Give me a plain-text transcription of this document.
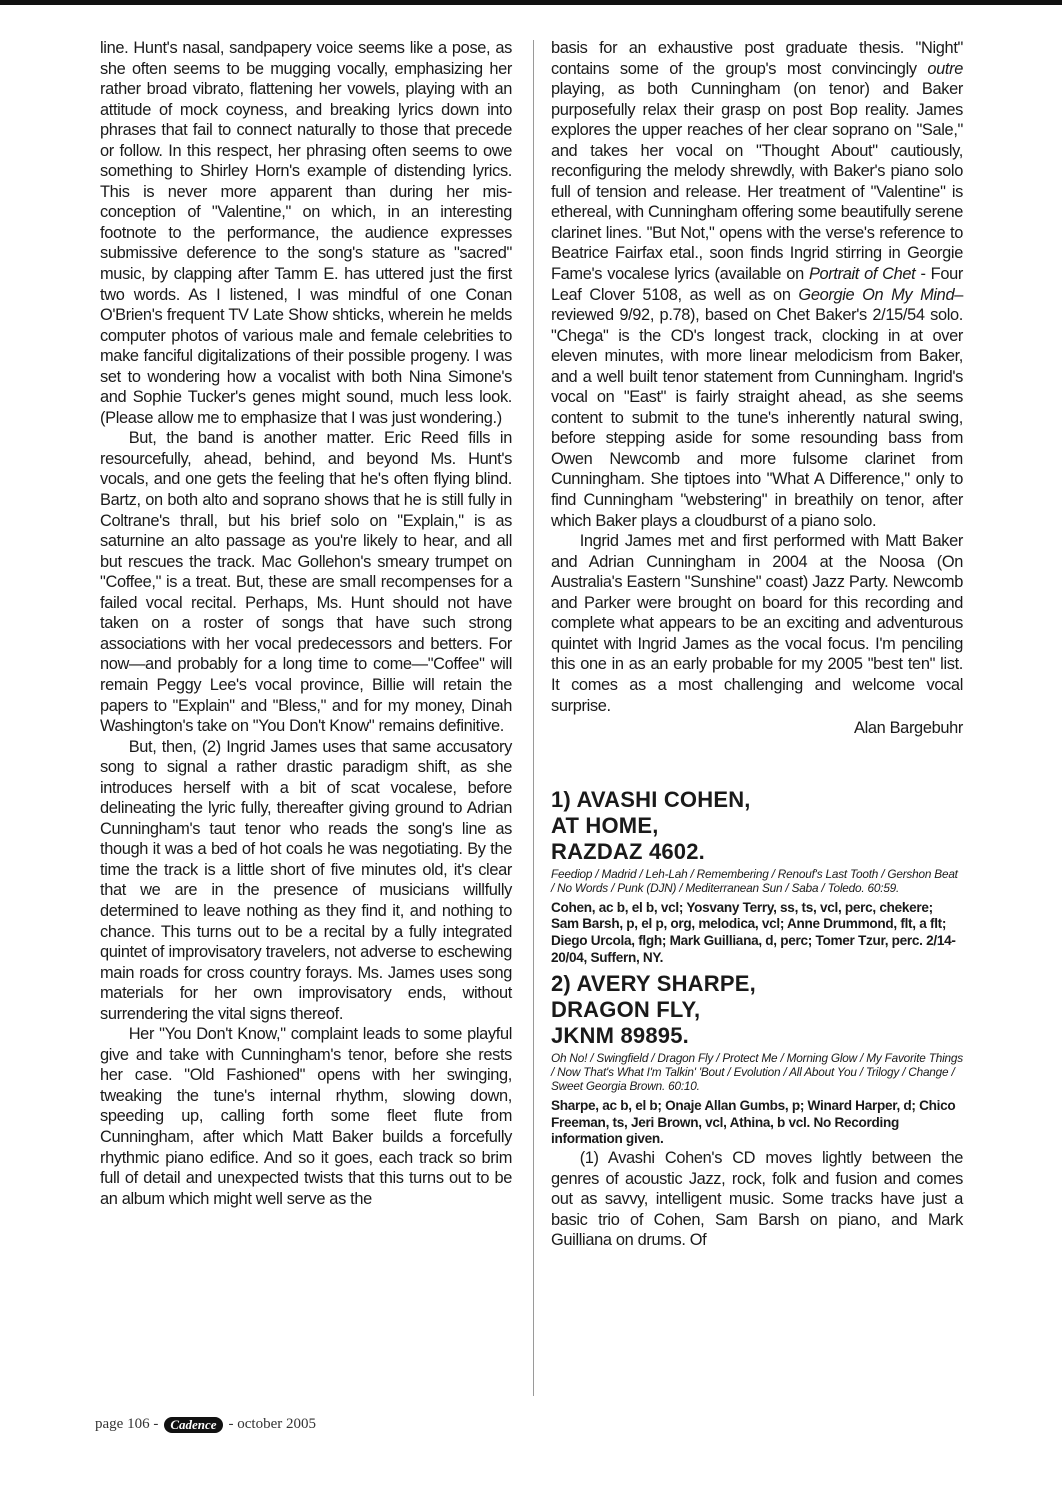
line. Hunt's nasal, sandpapery voice seems like a pose, as she often seems to be mugging vocally, emphasizing her rather broad vibrato, flattening her vowels, playing with an attitude of mock coyness, and breaking lyrics down into phrases that fail to connect naturally to those that precede or follow. In this respect, her phrasing often seems to owe something to Shirley Horn's example of distending lyrics. This is never more apparent than during her mis-conception of "Valentine," on which, in an interesting footnote to the performance, the audience expresses submissive deference to the song's stature as "sacred" music, by clapping after Tamm E. has uttered just the first two words. As I listened, I was mindful of one Conan O'Brien's frequent TV Late Show shticks, wherein he melds computer photos of various male and female celebrities to make fanciful digitalizations of their possible progeny. I was set to wondering how a vocalist with both Nina Simone's and Sophie Tucker's genes might sound, much less look. (Please allow me to emphasize that I was just wondering.)

But, the band is another matter. Eric Reed fills in resourcefully, ahead, behind, and beyond Ms. Hunt's vocals, and one gets the feeling that he's often flying blind. Bartz, on both alto and soprano shows that he is still fully in Coltrane's thrall, but his brief solo on "Explain," is as saturnine an alto passage as you're likely to hear, and all but rescues the track. Mac Gollehon's smeary trumpet on "Coffee," is a treat. But, these are small recompenses for a failed vocal recital. Perhaps, Ms. Hunt should not have taken on a roster of songs that have such strong associations with her vocal predecessors and betters. For now—and probably for a long time to come—"Coffee" will remain Peggy Lee's vocal province, Billie will retain the papers to "Explain" and "Bless," and for my money, Dinah Washington's take on "You Don't Know" remains definitive.

But, then, (2) Ingrid James uses that same accusatory song to signal a rather drastic paradigm shift, as she introduces herself with a bit of scat vocalese, before delineating the lyric fully, thereafter giving ground to Adrian Cunningham's taut tenor who reads the song's line as though it was a bed of hot coals he was negotiating. By the time the track is a little short of five minutes old, it's clear that we are in the presence of musicians willfully determined to leave nothing as they find it, and nothing to chance. This turns out to be a recital by a fully integrated quintet of improvisatory travelers, not adverse to eschewing main roads for cross country forays. Ms. James uses song materials for her own improvisatory ends, without surrendering the vital signs thereof.

Her "You Don't Know," complaint leads to some playful give and take with Cunningham's tenor, before she rests her case. "Old Fashioned" opens with her swinging, tweaking the tune's internal rhythm, slowing down, speeding up, calling forth some fleet flute from Cunningham, after which Matt Baker builds a forcefully rhythmic piano edifice. And so it goes, each track so brim full of detail and unexpected twists that this turns out to be an album which might well serve as the

basis for an exhaustive post graduate thesis. "Night" contains some of the group's most convincingly outre playing, as both Cunningham (on tenor) and Baker purposefully relax their grasp on post Bop reality. James explores the upper reaches of her clear soprano on "Sale," and takes her vocal on "Thought About" cautiously, reconfiguring the melody shrewdly, with Baker's piano solo full of tension and release. Her treatment of "Valentine" is ethereal, with Cunningham offering some beautifully serene clarinet lines. "But Not," opens with the verse's reference to Beatrice Fairfax etal., soon finds Ingrid stirring in Georgie Fame's vocalese lyrics (available on Portrait of Chet - Four Leaf Clover 5108, as well as on Georgie On My Mind–reviewed 9/92, p.78), based on Chet Baker's 2/15/54 solo. "Chega" is the CD's longest track, clocking in at over eleven minutes, with more linear melodicism from Baker, and a well built tenor statement from Cunningham. Ingrid's vocal on "East" is fairly straight ahead, as she seems content to submit to the tune's inherently natural swing, before stepping aside for some resounding bass from Owen Newcomb and more fulsome clarinet from Cunningham. She tiptoes into "What A Difference," only to find Cunningham "webstering" in breathily on tenor, after which Baker plays a cloudburst of a piano solo.

Ingrid James met and first performed with Matt Baker and Adrian Cunningham in 2004 at the Noosa (On Australia's Eastern "Sunshine" coast) Jazz Party. Newcomb and Parker were brought on board for this recording and complete what appears to be an exciting and adventurous quintet with Ingrid James as the vocal focus. I'm penciling this one in as an early probable for my 2005 "best ten" list. It comes as a most challenging and welcome vocal surprise.

Alan Bargebuhr
1) AVASHI COHEN,
AT HOME,
RAZDAZ 4602.
Feediop / Madrid / Leh-Lah / Remembering / Renouf's Last Tooth / Gershon Beat / No Words / Punk (DJN) / Mediterranean Sun / Saba / Toledo. 60:59.
Cohen, ac b, el b, vcl; Yosvany Terry, ss, ts, vcl, perc, chekere; Sam Barsh, p, el p, org, melodica, vcl; Anne Drummond, flt, a flt; Diego Urcola, flgh; Mark Guilliana, d, perc; Tomer Tzur, perc. 2/14-20/04, Suffern, NY.
2) AVERY SHARPE,
DRAGON FLY,
JKNM 89895.
Oh No! / Swingfield / Dragon Fly / Protect Me / Morning Glow / My Favorite Things / Now That's What I'm Talkin' 'Bout / Evolution / All About You / Trilogy / Change / Sweet Georgia Brown. 60:10.
Sharpe, ac b, el b; Onaje Allan Gumbs, p; Winard Harper, d; Chico Freeman, ts, Jeri Brown, vcl, Athina, b vcl. No Recording information given.

(1) Avashi Cohen's CD moves lightly between the genres of acoustic Jazz, rock, folk and fusion and comes out as savvy, intelligent music. Some tracks have just a basic trio of Cohen, Sam Barsh on piano, and Mark Guilliana on drums. Of

page 106 - Cadence - october 2005
